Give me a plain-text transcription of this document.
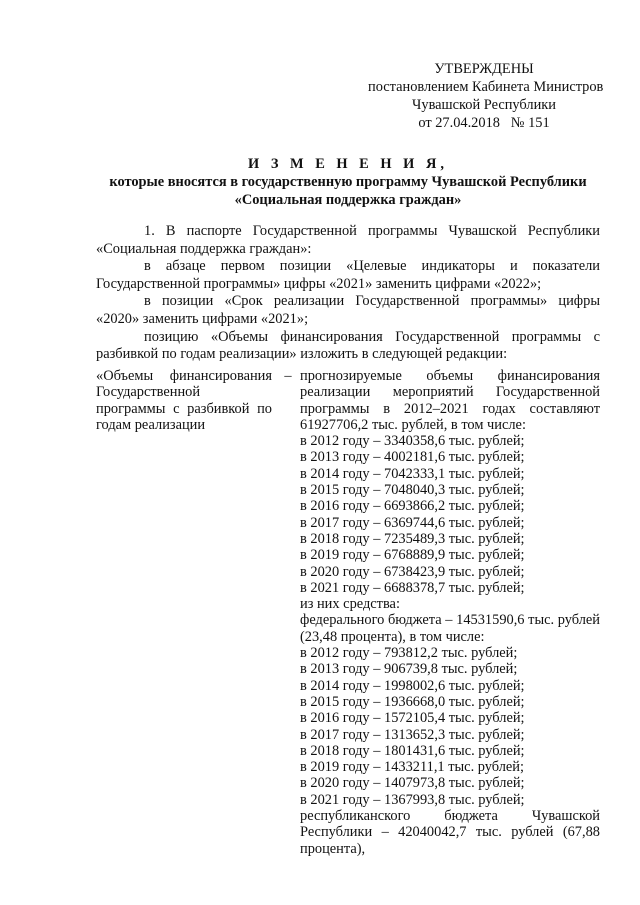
УТВЕРЖДЕНЫ
постановлением Кабинета Министров
Чувашской Республики
от 27.04.2018   № 151
И З М Е Н Е Н И Я,
которые вносятся в государственную программу Чувашской Республики
«Социальная поддержка граждан»

1. В паспорте Государственной программы Чувашской Республики «Социальная поддержка граждан»:

в абзаце первом позиции «Целевые индикаторы и показатели Государственной программы» цифры «2021» заменить цифрами «2022»;

в позиции «Срок реализации Государственной программы» цифры «2020» заменить цифрами «2021»;

позицию «Объемы финансирования Государственной программы с разбивкой по годам реализации» изложить в следующей редакции:

«Объемы финансирования Государственной программы с разбивкой по годам реализации
– прогнозируемые объемы финансирования реализации мероприятий Государственной программы в 2012–2021 годах составляют 61927706,2 тыс. рублей, в том числе:
в 2012 году – 3340358,6 тыс. рублей;
в 2013 году – 4002181,6 тыс. рублей;
в 2014 году – 7042333,1 тыс. рублей;
в 2015 году – 7048040,3 тыс. рублей;
в 2016 году – 6693866,2 тыс. рублей;
в 2017 году – 6369744,6 тыс. рублей;
в 2018 году – 7235489,3 тыс. рублей;
в 2019 году – 6768889,9 тыс. рублей;
в 2020 году – 6738423,9 тыс. рублей;
в 2021 году – 6688378,7 тыс. рублей;
из них средства:
федерального бюджета – 14531590,6 тыс. рублей (23,48 процента), в том числе:
в 2012 году – 793812,2 тыс. рублей;
в 2013 году – 906739,8 тыс. рублей;
в 2014 году – 1998002,6 тыс. рублей;
в 2015 году – 1936668,0 тыс. рублей;
в 2016 году – 1572105,4 тыс. рублей;
в 2017 году – 1313652,3 тыс. рублей;
в 2018 году – 1801431,6 тыс. рублей;
в 2019 году – 1433211,1 тыс. рублей;
в 2020 году – 1407973,8 тыс. рублей;
в 2021 году – 1367993,8 тыс. рублей;
республиканского бюджета Чувашской Республики – 42040042,7 тыс. рублей (67,88 процента),
